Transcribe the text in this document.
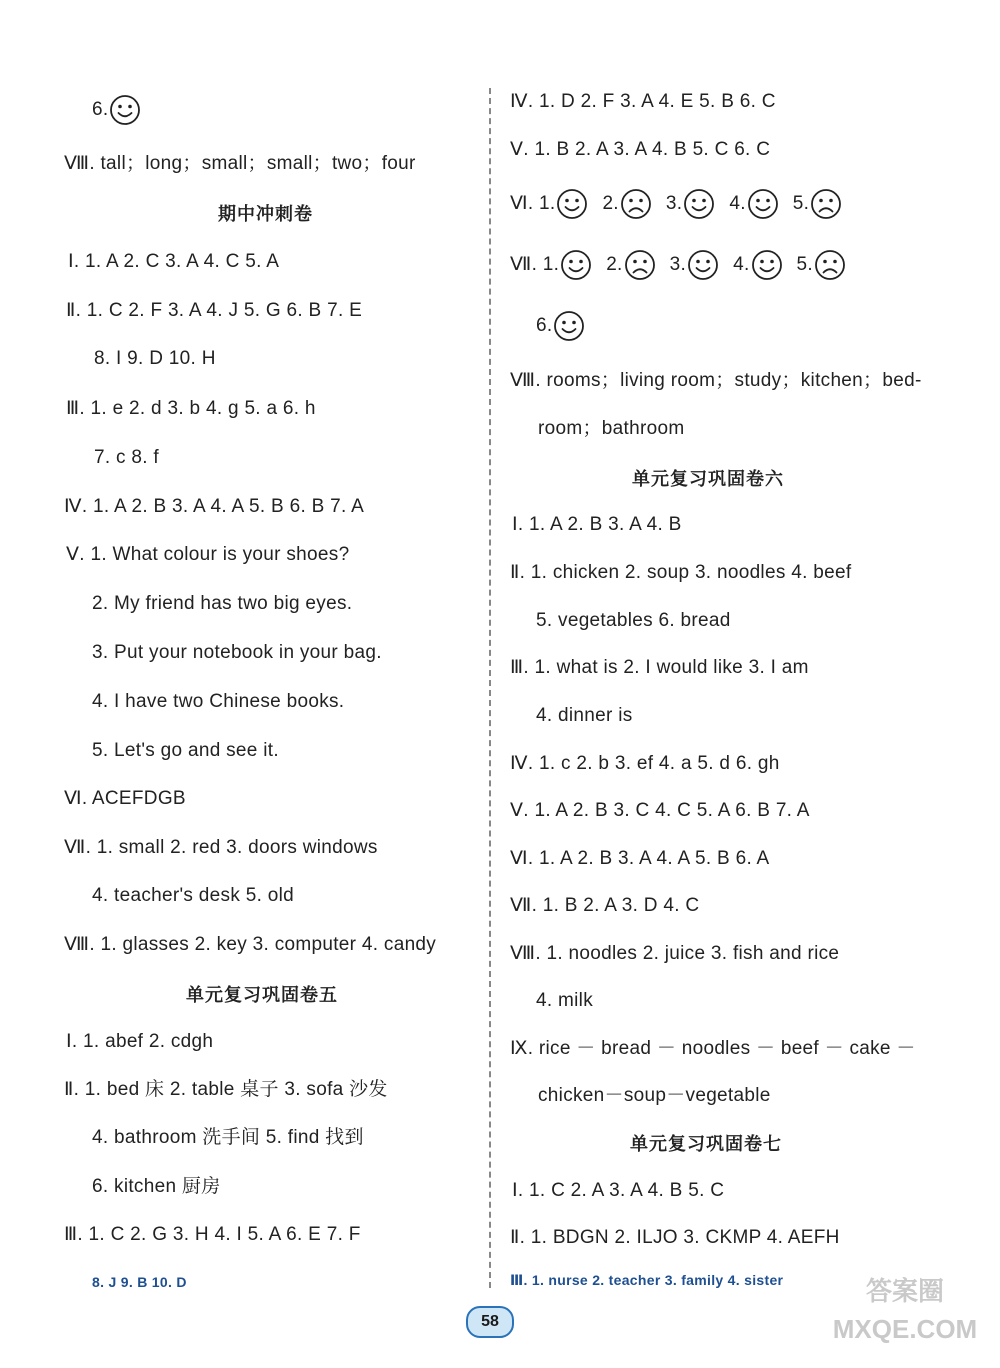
6.
Ⅷ. tall；long；small；small；two；four
期中冲刺卷
Ⅰ. 1. A 2. C 3. A 4. C 5. A
Ⅱ. 1. C 2. F 3. A 4. J 5. G 6. B 7. E
8. I 9. D 10. H
Ⅲ. 1. e 2. d 3. b 4. g 5. a 6. h
7. c 8. f
Ⅳ. 1. A 2. B 3. A 4. A 5. B 6. B 7. A
Ⅴ. 1. What colour is your shoes?
2. My friend has two big eyes.
3. Put your notebook in your bag.
4. I have two Chinese books.
5. Let's go and see it.
Ⅵ. ACEFDGB
Ⅶ. 1. small 2. red 3. doors windows
4. teacher's desk 5. old
Ⅷ. 1. glasses 2. key 3. computer 4. candy
单元复习巩固卷五
Ⅰ. 1. abef 2. cdgh
Ⅱ. 1. bed 床 2. table 桌子 3. sofa 沙发
4. bathroom 洗手间 5. find 找到
6. kitchen 厨房
Ⅲ. 1. C 2. G 3. H 4. I 5. A 6. E 7. F
8. J 9. B 10. D
Ⅳ. 1. D 2. F 3. A 4. E 5. B 6. C
Ⅴ. 1. B 2. A 3. A 4. B 5. C 6. C
Ⅵ. 1. 2. 3. 4. 5.
Ⅶ. 1. 2. 3. 4. 5.
6.
Ⅷ. rooms；living room；study；kitchen；bed-
room；bathroom
单元复习巩固卷六
Ⅰ. 1. A 2. B 3. A 4. B
Ⅱ. 1. chicken 2. soup 3. noodles 4. beef
5. vegetables 6. bread
Ⅲ. 1. what is 2. I would like 3. I am
4. dinner is
Ⅳ. 1. c 2. b 3. ef 4. a 5. d 6. gh
Ⅴ. 1. A 2. B 3. C 4. C 5. A 6. B 7. A
Ⅵ. 1. A 2. B 3. A 4. A 5. B 6. A
Ⅶ. 1. B 2. A 3. D 4. C
Ⅷ. 1. noodles 2. juice 3. fish and rice
4. milk
Ⅸ. rice － bread － noodles － beef － cake －
chicken－soup－vegetable
单元复习巩固卷七
Ⅰ. 1. C 2. A 3. A 4. B 5. C
Ⅱ. 1. BDGN 2. ILJO 3. CKMP 4. AEFH
Ⅲ. 1. nurse 2. teacher 3. family 4. sister
58
答案圈
MXQE.COM
